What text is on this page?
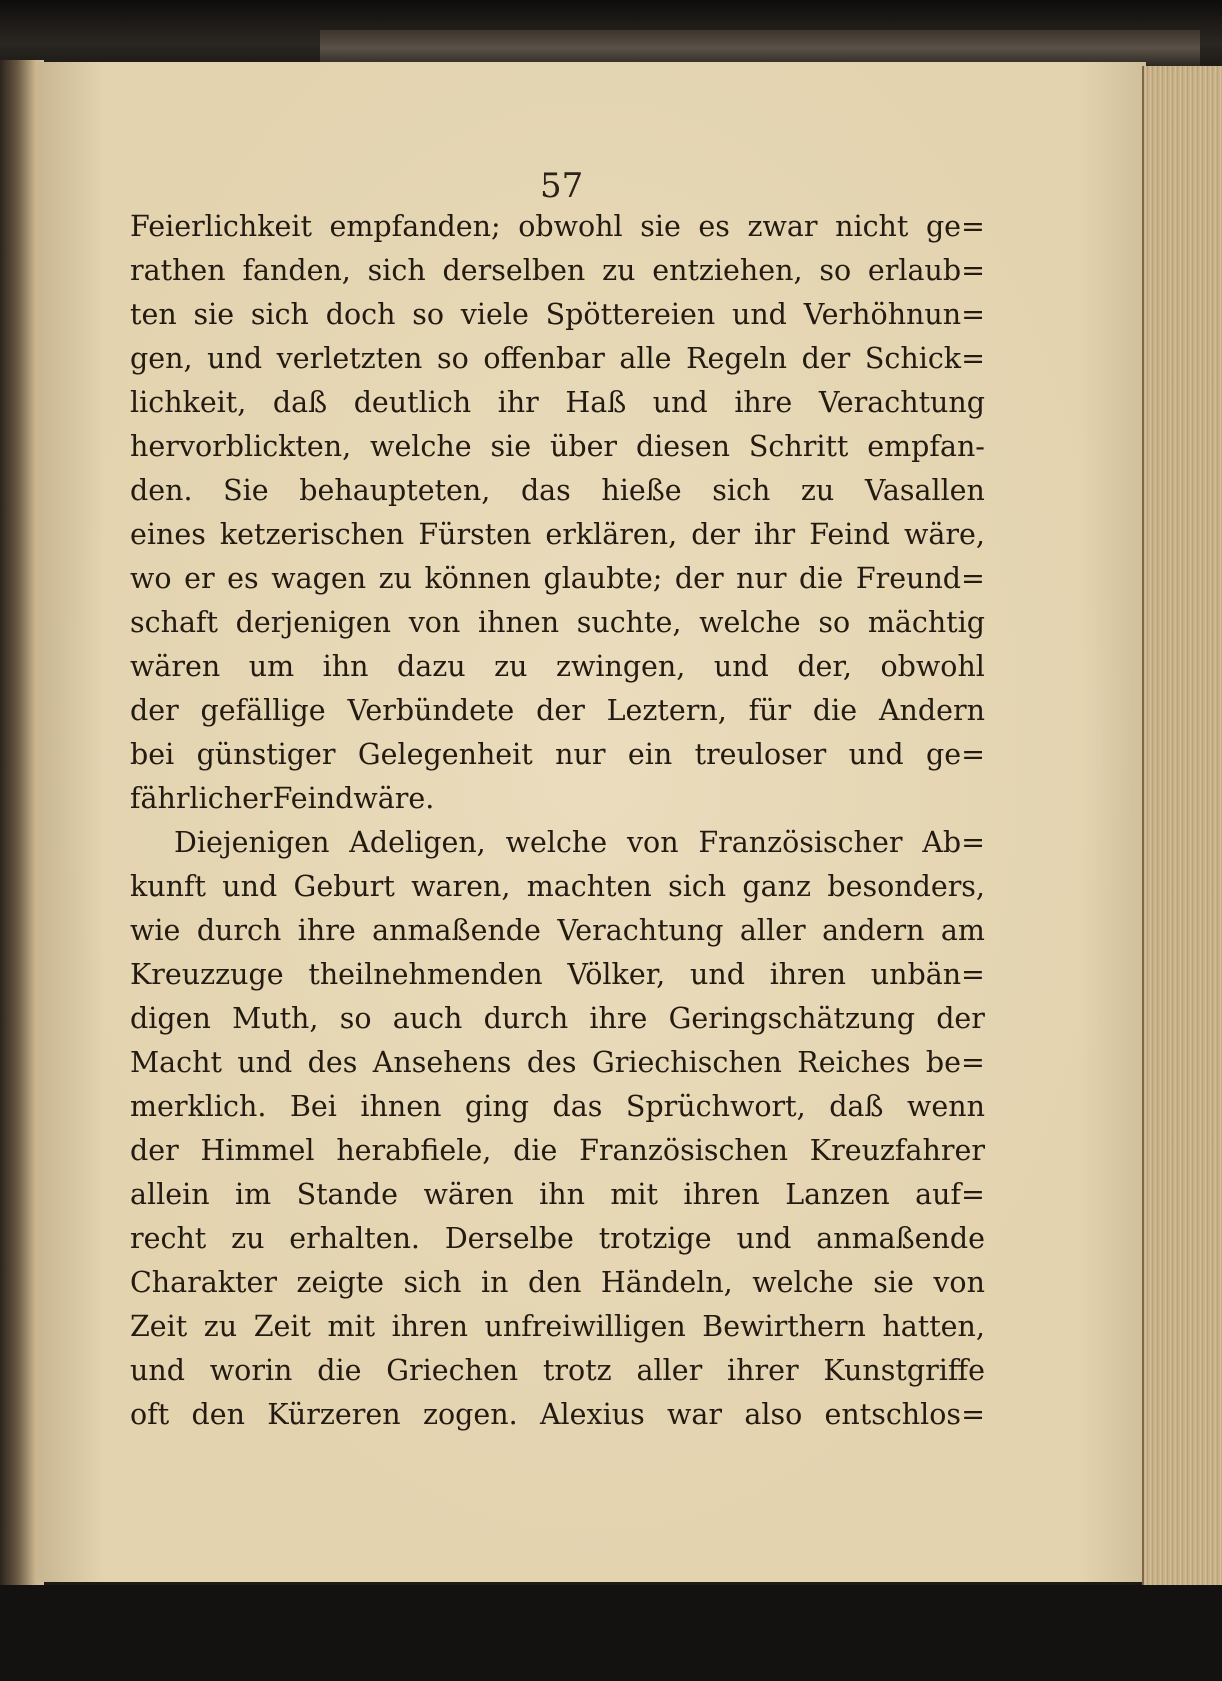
57
Feierlichkeit empfanden; obwohl sie es zwar nicht ge=
rathen fanden, sich derselben zu entziehen, so erlaub=
ten sie sich doch so viele Spöttereien und Verhöhnun=
gen, und verletzten so offenbar alle Regeln der Schick=
lichkeit, daß deutlich ihr Haß und ihre Verachtung
hervorblickten, welche sie über diesen Schritt empfan-
den. Sie behaupteten, das hieße sich zu Vasallen
eines ketzerischen Fürsten erklären, der ihr Feind wäre,
wo er es wagen zu können glaubte; der nur die Freund=
schaft derjenigen von ihnen suchte, welche so mächtig
wären um ihn dazu zu zwingen, und der, obwohl
der gefällige Verbündete der Leztern, für die Andern
bei günstiger Gelegenheit nur ein treuloser und ge=
fährlicher Feind wäre.
Diejenigen Adeligen, welche von Französischer Ab=
kunft und Geburt waren, machten sich ganz besonders,
wie durch ihre anmaßende Verachtung aller andern am
Kreuzzuge theilnehmenden Völker, und ihren unbän=
digen Muth, so auch durch ihre Geringschätzung der
Macht und des Ansehens des Griechischen Reiches be=
merklich. Bei ihnen ging das Sprüchwort, daß wenn
der Himmel herabfiele, die Französischen Kreuzfahrer
allein im Stande wären ihn mit ihren Lanzen auf=
recht zu erhalten. Derselbe trotzige und anmaßende
Charakter zeigte sich in den Händeln, welche sie von
Zeit zu Zeit mit ihren unfreiwilligen Bewirthern hatten,
und worin die Griechen trotz aller ihrer Kunstgriffe
oft den Kürzeren zogen. Alexius war also entschlos=
